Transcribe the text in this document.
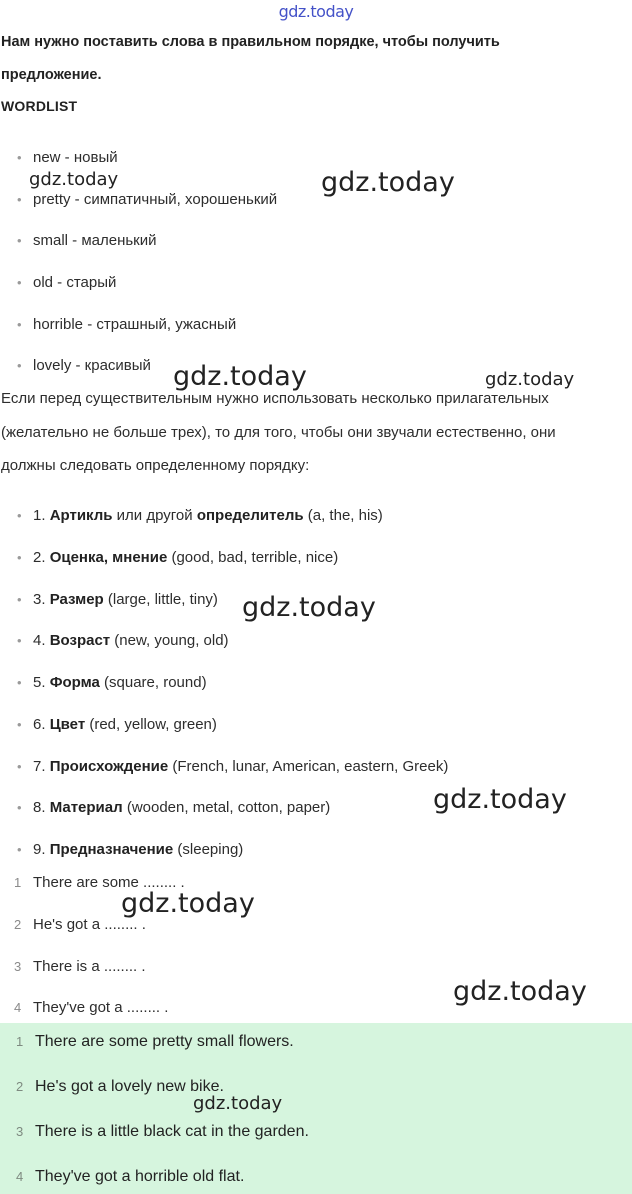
gdz.today
Нам нужно поставить слова в правильном порядке, чтобы получить
предложение.
WORDLIST
• new - новый
• pretty - симпатичный, хорошенький
• small - маленький
• old - старый
• horrible - страшный, ужасный
• lovely - красивый
Если перед существительным нужно использовать несколько прилагательных
(желательно не больше трех), то для того, чтобы они звучали естественно, они
должны следовать определенному порядку:
• 1. Артикль или другой определитель (a, the, his)
• 2. Оценка, мнение (good, bad, terrible, nice)
• 3. Размер (large, little, tiny)
• 4. Возраст (new, young, old)
• 5. Форма (square, round)
• 6. Цвет (red, yellow, green)
• 7. Происхождение (French, lunar, American, eastern, Greek)
• 8. Материал (wooden, metal, cotton, paper)
• 9. Предназначение (sleeping)
1 There are some ........ .
2 He's got a ........ .
3 There is a ........ .
4 They've got a ........ .
1 There are some pretty small flowers.
2 He's got a lovely new bike.
3 There is a little black cat in the garden.
4 They've got a horrible old flat.
gdz.today	gdz.today
gdz.today	gdz.today
gdz.today
gdz.today
gdz.today
gdz.today
gdz.today
